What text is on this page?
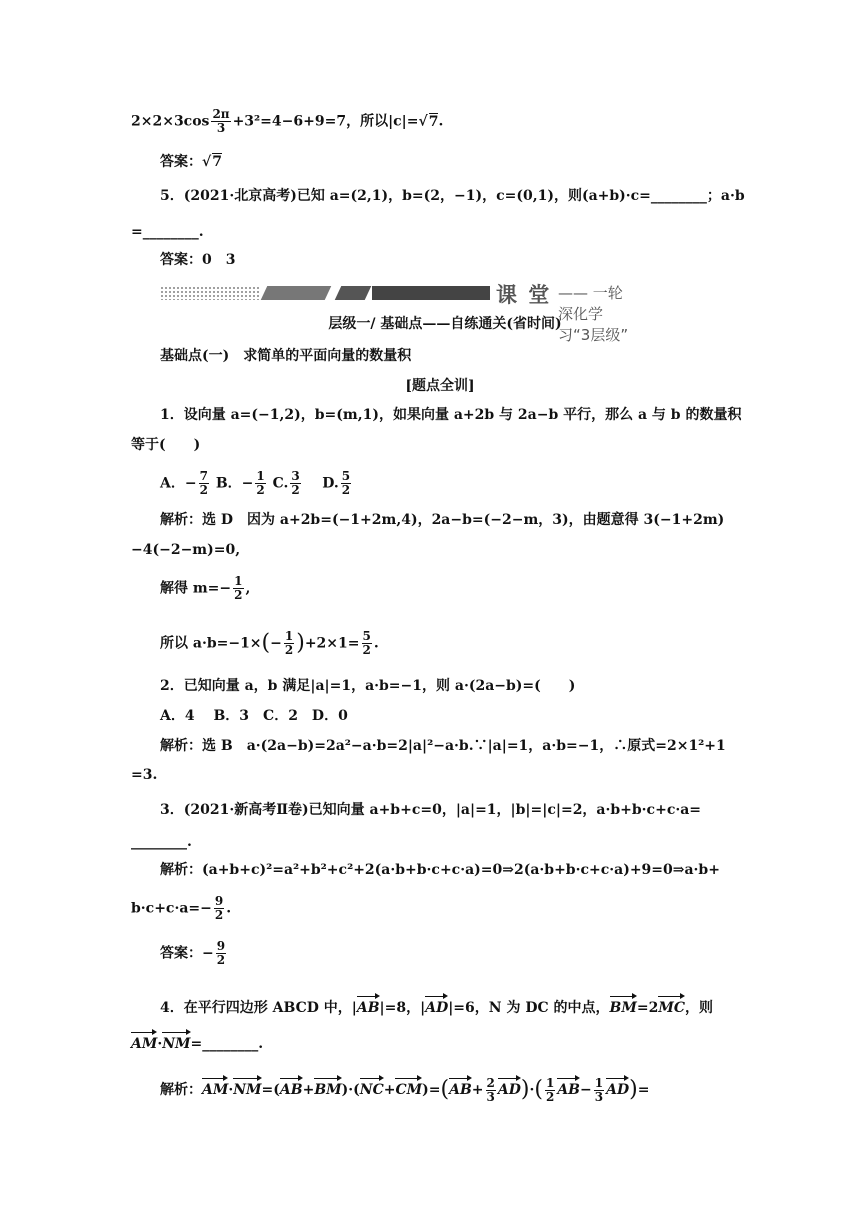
$2\times 2\times 3\cos \frac{2\pi}{3} +3^2=4-6+9=7$，所以|c|=√7.
答案：√7
5．(2021·北京高考)已知 a=(2,1)，b=(2，−1)，c=(0,1)，则(a+b)·c=________；a·b
=________.
答案：0　3
课 堂 —— 一轮深化学习“3层级”
层级一/ 基础点——自练通关(省时间)
基础点(一)　求简单的平面向量的数量积
[题点全训]
1．设向量 a=(−1,2)，b=(m,1)，如果向量 a+2b 与 2a−b 平行，那么 a 与 b 的数量积
等于(　　)
A．− $\frac{7}{2}$ B．− $\frac{1}{2} C$. $\frac{3}{2} D$. $\frac{5}{2}$
解析：选 D　因为 a+2b=(−1+2m,4)，2a−b=(−2−m，3)，由题意得 3(−1+2m)
−4(−2−m)=0,
解得 $m=- \frac{1}{2}$ ,
所以 $a\cdot b=-1\times(- \frac{1}{2} )+2\times 1= \frac{5}{2}$ .
2．已知向量 a，b 满足|a|=1，a·b=−1，则 a·(2a−b)=(　　)
A．4　 B．3　C．2　D．0
解析：选 B　a·(2a−b)=2a²−a·b=2|a|²−a·b.∵|a|=1，a·b=−1，∴原式=2×1²+1
=3.
3．(2021·新高考Ⅱ卷)已知向量 a+b+c=0，|a|=1，|b|=|c|=2，a·b+b·c+c·a=
________.
解析：(a+b+c)²=a²+b²+c²+2(a·b+b·c+c·a)=0⇒2(a·b+b·c+c·a)+9=0⇒a·b+
$b\cdot c+c\cdot a=- \frac{9}{2}$ .
答案：− $\frac{9}{2}$
4．在平行四边形 ABCD 中，|AB|=8，|AD|=6，N 为 DC 的中点，BM=2MC，则
AM·NM=________.
解析：$AM\cdot NM=(AB+BM)\cdot(NC+CM)=(AB+ \frac{2}{3} AD)\cdot( \frac{1}{2} AB- \frac{1}{3} AD)=$
